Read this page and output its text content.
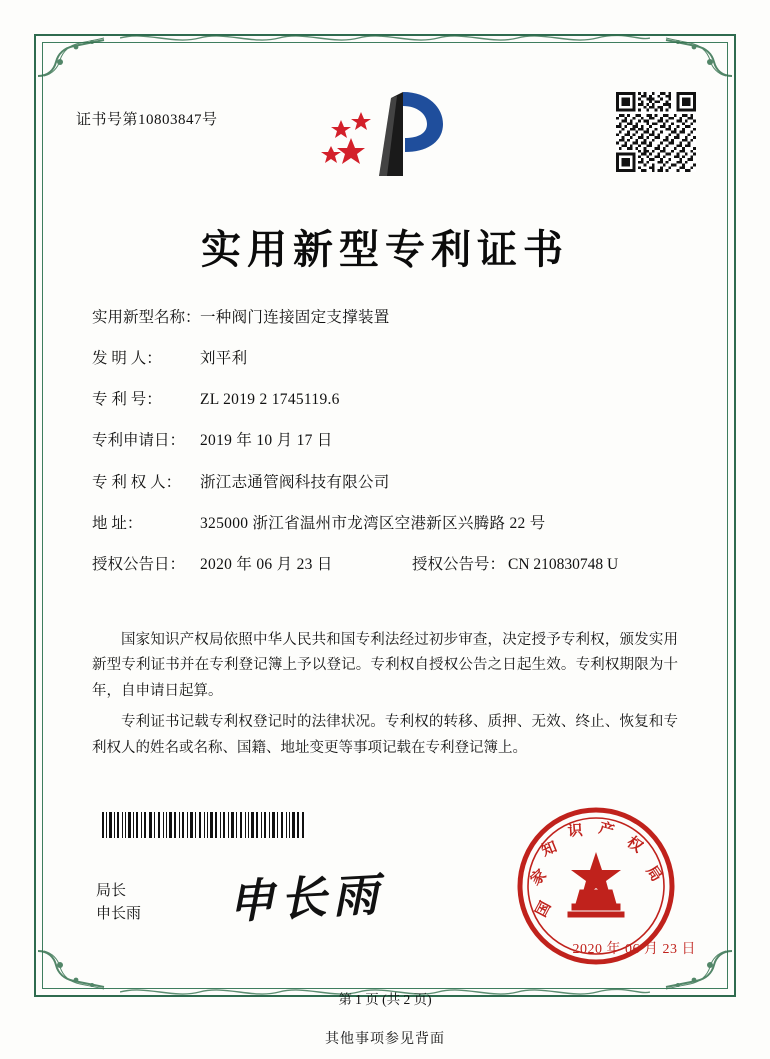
证书号第10803847号
实用新型专利证书
实用新型名称： 一种阀门连接固定支撑装置
发 明 人：	刘平利
专 利 号：	ZL 2019 2 1745119.6
专利申请日： 2019 年 10 月 17 日
专 利 权 人：	浙江志通管阀科技有限公司
地 址：	325000 浙江省温州市龙湾区空港新区兴腾路 22 号
授权公告日： 2020 年 06 月 23 日	授权公告号： CN 210830748 U

国家知识产权局依照中华人民共和国专利法经过初步审查，决定授予专利权，颁发实用新型专利证书并在专利登记簿上予以登记。专利权自授权公告之日起生效。专利权期限为十年，自申请日起算。

专利证书记载专利权登记时的法律状况。专利权的转移、质押、无效、终止、恢复和专利权人的姓名或名称、国籍、地址变更等事项记载在专利登记簿上。

局长
申长雨 申长雨	国
家
知
识 产
权
局
2020 年 06 月 23 日
第 1 页 (共 2 页)
其他事项参见背面
